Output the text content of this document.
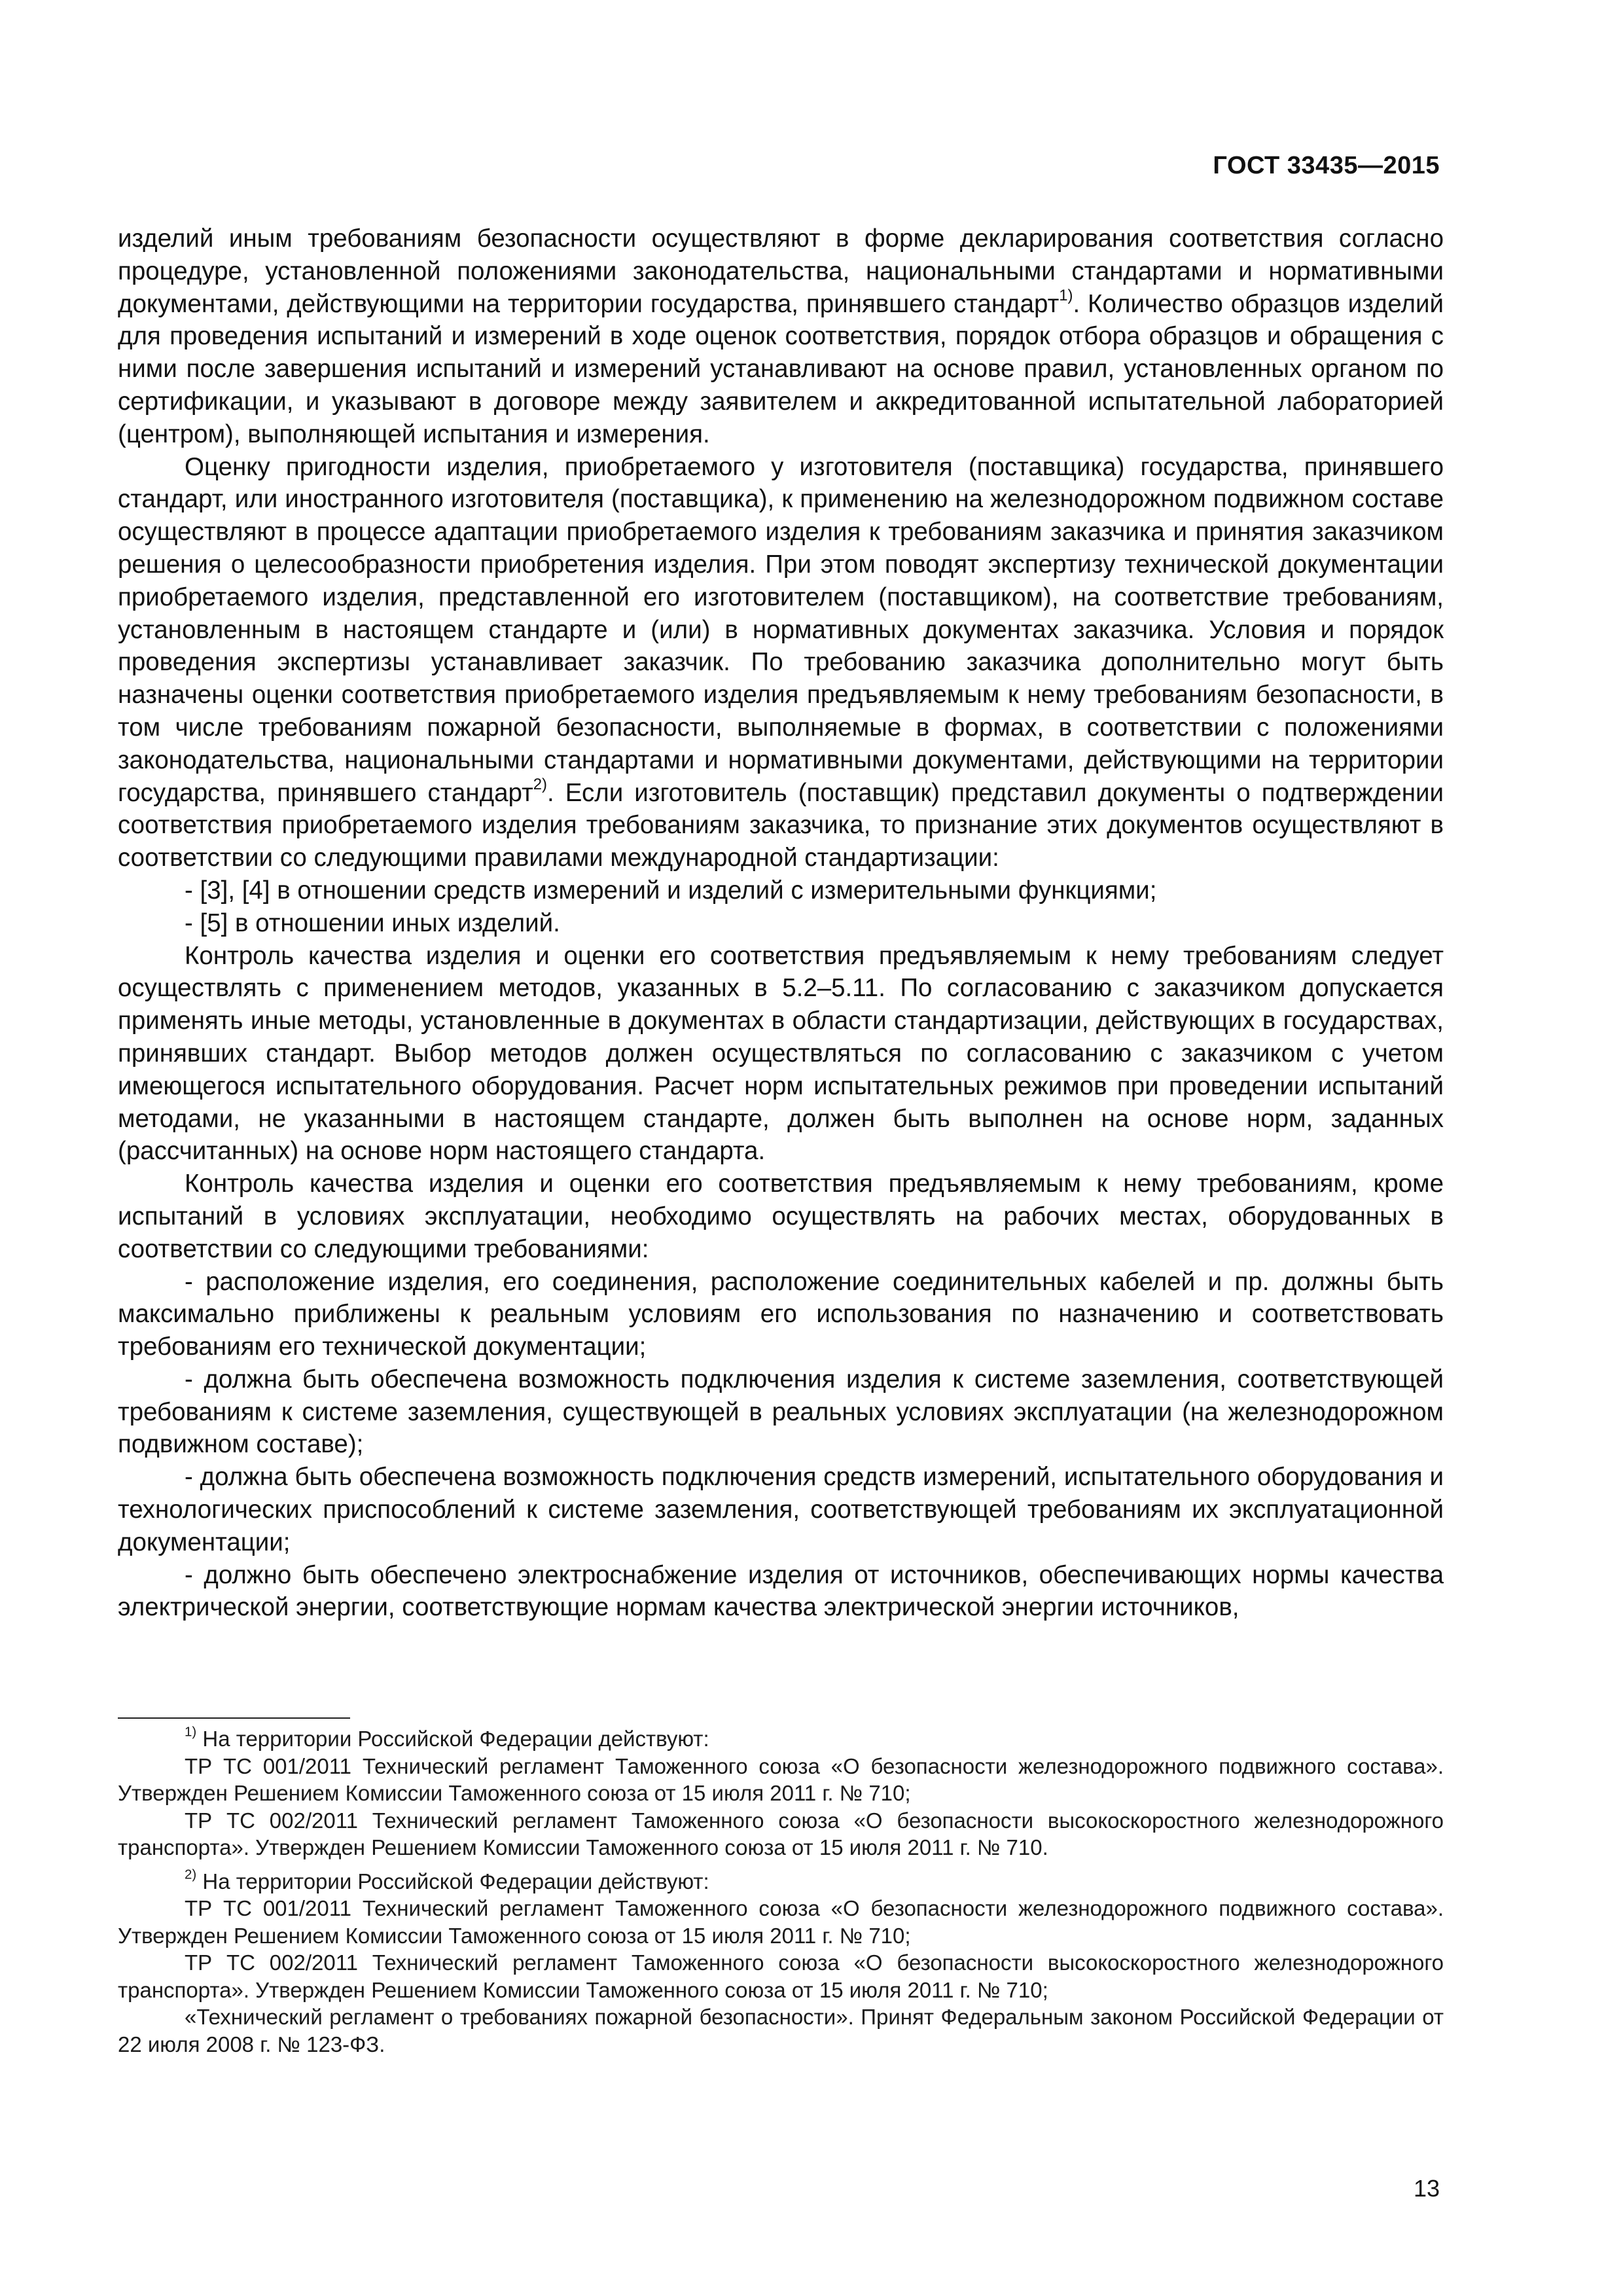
ГОСТ 33435—2015

изделий иным требованиям безопасности осуществляют в форме декларирования соответствия согласно процедуре, установленной положениями законодательства, национальными стандартами и нормативными документами, действующими на территории государства, принявшего стандарт$^{1)}$. Количество образцов изделий для проведения испытаний и измерений в ходе оценок соответствия, порядок отбора образцов и обращения с ними после завершения испытаний и измерений устанавливают на основе правил, установленных органом по сертификации, и указывают в договоре между заявителем и аккредитованной испытательной лабораторией (центром), выполняющей испытания и измерения.

Оценку пригодности изделия, приобретаемого у изготовителя (поставщика) государства, принявшего стандарт, или иностранного изготовителя (поставщика), к применению на железнодорожном подвижном составе осуществляют в процессе адаптации приобретаемого изделия к требованиям заказчика и принятия заказчиком решения о целесообразности приобретения изделия. При этом поводят экспертизу технической документации приобретаемого изделия, представленной его изготовителем (поставщиком), на соответствие требованиям, установленным в настоящем стандарте и (или) в нормативных документах заказчика. Условия и порядок проведения экспертизы устанавливает заказчик. По требованию заказчика дополнительно могут быть назначены оценки соответствия приобретаемого изделия предъявляемым к нему требованиям безопасности, в том числе требованиям пожарной безопасности, выполняемые в формах, в соответствии с положениями законодательства, национальными стандартами и нормативными документами, действующими на территории государства, принявшего стандарт$^{2)}$. Если изготовитель (поставщик) представил документы о подтверждении соответствия приобретаемого изделия требованиям заказчика, то признание этих документов осуществляют в соответствии со следующими правилами международной стандартизации:

- [3], [4] в отношении средств измерений и изделий с измерительными функциями;

- [5] в отношении иных изделий.

Контроль качества изделия и оценки его соответствия предъявляемым к нему требованиям следует осуществлять с применением методов, указанных в 5.2–5.11. По согласованию с заказчиком допускается применять иные методы, установленные в документах в области стандартизации, действующих в государствах, принявших стандарт. Выбор методов должен осуществляться по согласованию с заказчиком с учетом имеющегося испытательного оборудования. Расчет норм испытательных режимов при проведении испытаний методами, не указанными в настоящем стандарте, должен быть выполнен на основе норм, заданных (рассчитанных) на основе норм настоящего стандарта.

Контроль качества изделия и оценки его соответствия предъявляемым к нему требованиям, кроме испытаний в условиях эксплуатации, необходимо осуществлять на рабочих местах, оборудованных в соответствии со следующими требованиями:

- расположение изделия, его соединения, расположение соединительных кабелей и пр. должны быть максимально приближены к реальным условиям его использования по назначению и соответствовать требованиям его технической документации;

- должна быть обеспечена возможность подключения изделия к системе заземления, соответствующей требованиям к системе заземления, существующей в реальных условиях эксплуатации (на железнодорожном подвижном составе);

- должна быть обеспечена возможность подключения средств измерений, испытательного оборудования и технологических приспособлений к системе заземления, соответствующей требованиям их эксплуатационной документации;

- должно быть обеспечено электроснабжение изделия от источников, обеспечивающих нормы качества электрической энергии, соответствующие нормам качества электрической энергии источников,

$^{1)}$ На территории Российской Федерации действуют:

ТР ТС 001/2011 Технический регламент Таможенного союза «О безопасности железнодорожного подвижного состава». Утвержден Решением Комиссии Таможенного союза от 15 июля 2011 г. № 710;

ТР ТС 002/2011 Технический регламент Таможенного союза «О безопасности высокоскоростного железнодорожного транспорта». Утвержден Решением Комиссии Таможенного союза от 15 июля 2011 г. № 710.

$^{2)}$ На территории Российской Федерации действуют:

ТР ТС 001/2011 Технический регламент Таможенного союза «О безопасности железнодорожного подвижного состава». Утвержден Решением Комиссии Таможенного союза от 15 июля 2011 г. № 710;

ТР ТС 002/2011 Технический регламент Таможенного союза «О безопасности высокоскоростного железнодорожного транспорта». Утвержден Решением Комиссии Таможенного союза от 15 июля 2011 г. № 710;

«Технический регламент о требованиях пожарной безопасности». Принят Федеральным законом Российской Федерации от 22 июля 2008 г. № 123-ФЗ.

13
